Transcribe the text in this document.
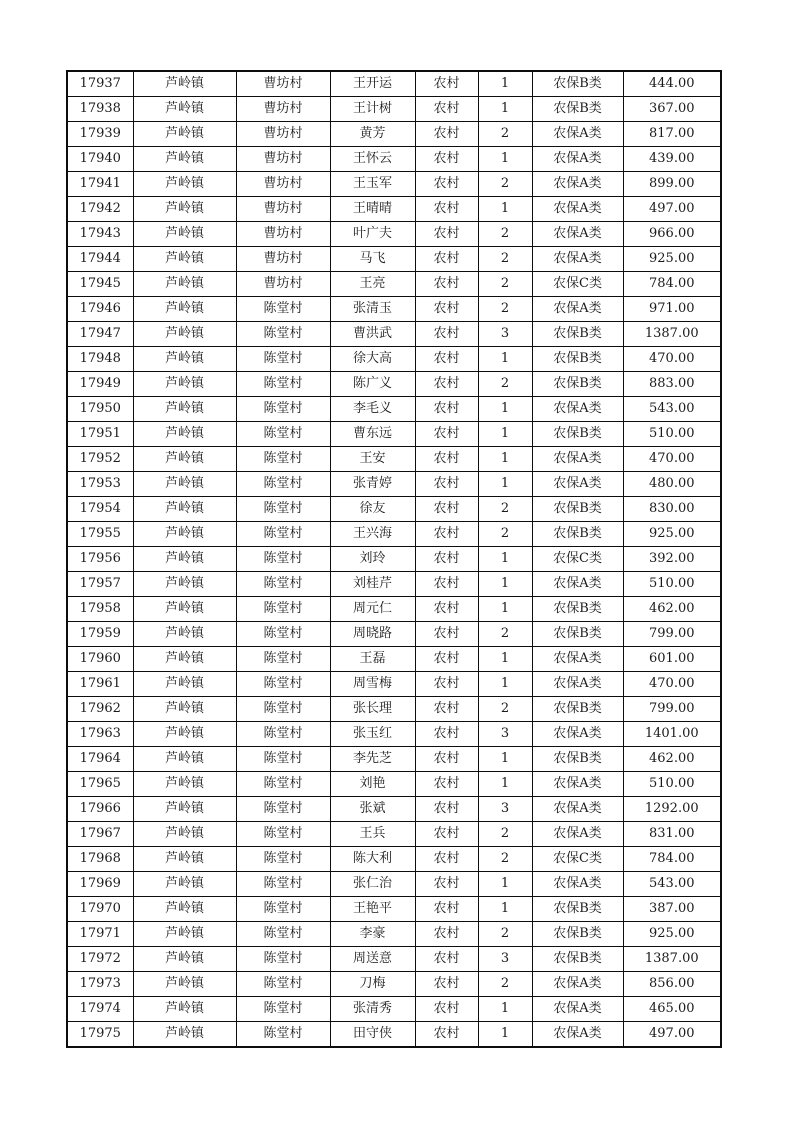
17937	芦岭镇	曹坊村	王开运	农村	1	农保B类	444.00
17938	芦岭镇	曹坊村	王计树	农村	1	农保B类	367.00
17939	芦岭镇	曹坊村	黄芳	农村	2	农保A类	817.00
17940	芦岭镇	曹坊村	王怀云	农村	1	农保A类	439.00
17941	芦岭镇	曹坊村	王玉军	农村	2	农保A类	899.00
17942	芦岭镇	曹坊村	王晴晴	农村	1	农保A类	497.00
17943	芦岭镇	曹坊村	叶广夫	农村	2	农保A类	966.00
17944	芦岭镇	曹坊村	马飞	农村	2	农保A类	925.00
17945	芦岭镇	曹坊村	王亮	农村	2	农保C类	784.00
17946	芦岭镇	陈堂村	张清玉	农村	2	农保A类	971.00
17947	芦岭镇	陈堂村	曹洪武	农村	3	农保B类	1387.00
17948	芦岭镇	陈堂村	徐大高	农村	1	农保B类	470.00
17949	芦岭镇	陈堂村	陈广义	农村	2	农保B类	883.00
17950	芦岭镇	陈堂村	李毛义	农村	1	农保A类	543.00
17951	芦岭镇	陈堂村	曹东远	农村	1	农保B类	510.00
17952	芦岭镇	陈堂村	王安	农村	1	农保A类	470.00
17953	芦岭镇	陈堂村	张青婷	农村	1	农保A类	480.00
17954	芦岭镇	陈堂村	徐友	农村	2	农保B类	830.00
17955	芦岭镇	陈堂村	王兴海	农村	2	农保B类	925.00
17956	芦岭镇	陈堂村	刘玲	农村	1	农保C类	392.00
17957	芦岭镇	陈堂村	刘桂芹	农村	1	农保A类	510.00
17958	芦岭镇	陈堂村	周元仁	农村	1	农保B类	462.00
17959	芦岭镇	陈堂村	周晓路	农村	2	农保B类	799.00
17960	芦岭镇	陈堂村	王磊	农村	1	农保A类	601.00
17961	芦岭镇	陈堂村	周雪梅	农村	1	农保A类	470.00
17962	芦岭镇	陈堂村	张长理	农村	2	农保B类	799.00
17963	芦岭镇	陈堂村	张玉红	农村	3	农保A类	1401.00
17964	芦岭镇	陈堂村	李先芝	农村	1	农保B类	462.00
17965	芦岭镇	陈堂村	刘艳	农村	1	农保A类	510.00
17966	芦岭镇	陈堂村	张斌	农村	3	农保A类	1292.00
17967	芦岭镇	陈堂村	王兵	农村	2	农保A类	831.00
17968	芦岭镇	陈堂村	陈大利	农村	2	农保C类	784.00
17969	芦岭镇	陈堂村	张仁治	农村	1	农保A类	543.00
17970	芦岭镇	陈堂村	王艳平	农村	1	农保B类	387.00
17971	芦岭镇	陈堂村	李豪	农村	2	农保B类	925.00
17972	芦岭镇	陈堂村	周送意	农村	3	农保B类	1387.00
17973	芦岭镇	陈堂村	刀梅	农村	2	农保A类	856.00
17974	芦岭镇	陈堂村	张清秀	农村	1	农保A类	465.00
17975	芦岭镇	陈堂村	田守侠	农村	1	农保A类	497.00
